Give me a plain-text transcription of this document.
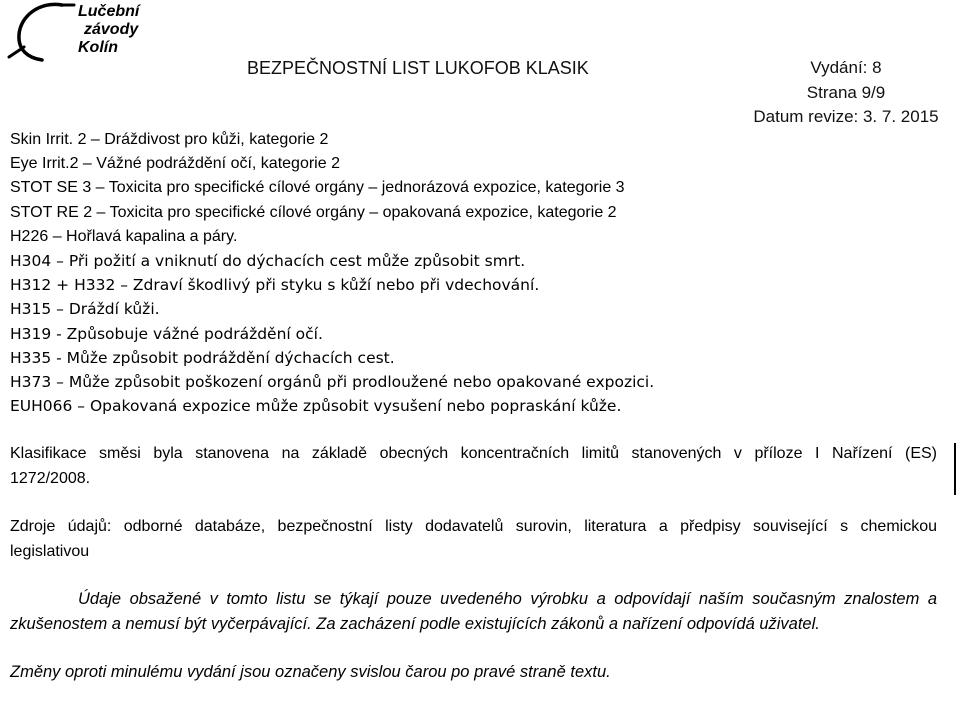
Lučební
závody
Kolín
BEZPEČNOSTNÍ LIST LUKOFOB KLASIK	Vydání: 8
Strana 9/9
Datum revize: 3. 7. 2015
Skin Irrit. 2 – Dráždivost pro kůži, kategorie 2
Eye Irrit.2 – Vážné podráždění očí, kategorie 2
STOT SE 3 – Toxicita pro specifické cílové orgány – jednorázová expozice, kategorie 3
STOT RE 2 – Toxicita pro specifické cílové orgány – opakovaná expozice, kategorie 2
H226 – Hořlavá kapalina a páry.
H304 – Při požití a vniknutí do dýchacích cest může způsobit smrt.
H312 + H332 – Zdraví škodlivý při styku s kůží nebo při vdechování.
H315 – Dráždí kůži.
H319 - Způsobuje vážné podráždění očí.
H335 - Může způsobit podráždění dýchacích cest.
H373 – Může způsobit poškození orgánů při prodloužené nebo opakované expozici.
EUH066 – Opakovaná expozice může způsobit vysušení nebo popraskání kůže.
Klasifikace směsi byla stanovena na základě obecných koncentračních limitů stanovených v příloze I Nařízení (ES)
1272/2008.
Zdroje údajů: odborné databáze, bezpečnostní listy dodavatelů surovin, literatura a předpisy související s chemickou
legislativou
Údaje obsažené v tomto listu se týkají pouze uvedeného výrobku a odpovídají naším současným znalostem a
zkušenostem a nemusí být vyčerpávající. Za zacházení podle existujících zákonů a nařízení odpovídá uživatel.
Změny oproti minulému vydání jsou označeny svislou čarou po pravé straně textu.
